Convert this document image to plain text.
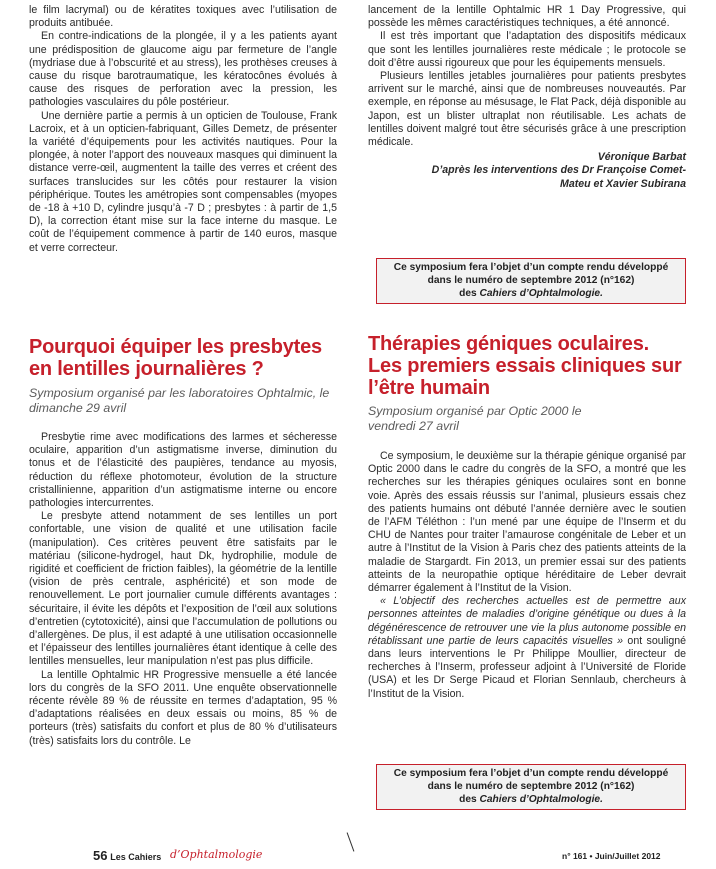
le film lacrymal) ou de kératites toxiques avec l’utilisation de produits antibuée.

En contre-indications de la plongée, il y a les patients ayant une prédisposition de glaucome aigu par fermeture de l’angle (mydriase due à l’obscurité et au stress), les prothèses creuses à cause du risque barotraumatique, les kératocônes évolués à cause des risques de perforation avec la pression, les pathologies vasculaires du pôle postérieur.

Une dernière partie a permis à un opticien de Toulouse, Frank Lacroix, et à un opticien-fabriquant, Gilles Demetz, de présenter la variété d’équipements pour les activités nautiques. Pour la plongée, à noter l’apport des nouveaux masques qui diminuent la distance verre-œil, augmentent la taille des verres et créent des surfaces translucides sur les côtés pour restaurer la vision périphérique. Toutes les amétropies sont compensables (myopes de -18 à +10 D, cylindre jusqu’à -7 D ; presbytes : à partir de 1,5 D), la correction étant mise sur la face interne du masque. Le coût de l’équipement commence à partir de 140 euros, masque et verre correcteur.

Pourquoi équiper les presbytes en lentilles journalières ?

Symposium organisé par les laboratoires Ophtalmic, le dimanche 29 avril

Presbytie rime avec modifications des larmes et sécheresse oculaire, apparition d’un astigmatisme inverse, diminution du tonus et de l’élasticité des paupières, tendance au myosis, réduction du réflexe photomoteur, évolution de la structure cristallinienne, apparition d’un astigmatisme interne ou encore pathologies intercurrentes.

Le presbyte attend notamment de ses lentilles un port confortable, une vision de qualité et une utilisation facile (manipulation). Ces critères peuvent être satisfaits par le matériau (silicone-hydrogel, haut Dk, hydrophilie, module de rigidité et coefficient de friction faibles), la géométrie de la lentille (vision de près centrale, asphéricité) et son mode de renouvellement. Le port journalier cumule différents avantages : sécuritaire, il évite les dépôts et l’exposition de l’œil aux solutions d’entretien (cytotoxicité), ainsi que l’accumulation de pollutions ou d’allergènes. De plus, il est adapté à une utilisation occasionnelle et l’épaisseur des lentilles journalières étant identique à celle des lentilles mensuelles, leur manipulation n’est pas plus difficile.

La lentille Ophtalmic HR Progressive mensuelle a été lancée lors du congrès de la SFO 2011. Une enquête observationnelle récente révèle 89 % de réussite en termes d’adaptation, 95 % d’adaptations réalisées en deux essais ou moins, 85 % de porteurs (très) satisfaits du confort et plus de 80 % d’utilisateurs (très) satisfaits lors du contrôle. Le

lancement de la lentille Ophtalmic HR 1 Day Progressive, qui possède les mêmes caractéristiques techniques, a été annoncé.

Il est très important que l’adaptation des dispositifs médicaux que sont les lentilles journalières reste médicale ; le protocole se doit d’être aussi rigoureux que pour les équipements mensuels.

Plusieurs lentilles jetables journalières pour patients presbytes arrivent sur le marché, ainsi que de nombreuses nouveautés. Par exemple, en réponse au mésusage, le Flat Pack, déjà disponible au Japon, est un blister ultraplat non réutilisable. Les achats de lentilles doivent malgré tout être sécurisés grâce à une prescription médicale.

Véronique Barbat

D’après les interventions des Dr Françoise Comet-Mateu et Xavier Subirana

Ce symposium fera l’objet d’un compte rendu développé
dans le numéro de septembre 2012 (n°162)
des Cahiers d’Ophtalmologie.
Thérapies géniques oculaires. Les premiers essais cliniques sur l’être humain

Symposium organisé par Optic 2000 le vendredi 27 avril

Ce symposium, le deuxième sur la thérapie génique organisé par Optic 2000 dans le cadre du congrès de la SFO, a montré que les recherches sur les thérapies géniques oculaires sont en bonne voie. Après des essais réussis sur l’animal, plusieurs essais chez des patients humains ont débuté l’année dernière avec le soutien de l’AFM Téléthon : l’un mené par une équipe de l’Inserm et du CHU de Nantes pour traiter l’amaurose congénitale de Leber et un autre à l’Institut de la Vision à Paris chez des patients atteints de la maladie de Stargardt. Fin 2013, un premier essai sur des patients atteints de la neuropathie optique héréditaire de Leber devrait démarrer également à l’Institut de la Vision.

« L’objectif des recherches actuelles est de permettre aux personnes atteintes de maladies d’origine génétique ou dues à la dégénérescence de retrouver une vie la plus autonome possible en rétablissant une partie de leurs capacités visuelles » ont souligné dans leurs interventions le Pr Philippe Moullier, directeur de recherches à l’Inserm, professeur adjoint à l’Université de Floride (USA) et les Dr Serge Picaud et Florian Sennlaub, chercheurs à l’Institut de la Vision.

Ce symposium fera l’objet d’un compte rendu développé
dans le numéro de septembre 2012 (n°162)
des Cahiers d’Ophtalmologie.
56 Les Cahiers d’Ophtalmologie	n° 161 • Juin/Juillet 2012
